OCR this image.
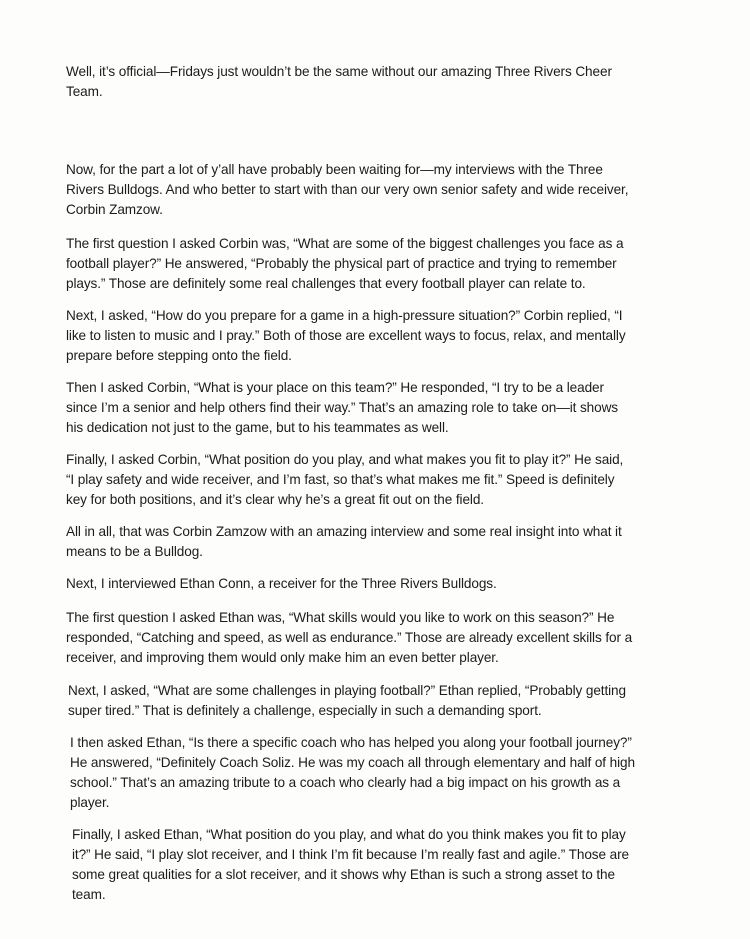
Well, it’s official—Fridays just wouldn’t be the same without our amazing Three Rivers Cheer
Team.

Now, for the part a lot of y’all have probably been waiting for—my interviews with the Three
Rivers Bulldogs. And who better to start with than our very own senior safety and wide receiver,
Corbin Zamzow.

The first question I asked Corbin was, “What are some of the biggest challenges you face as a
football player?” He answered, “Probably the physical part of practice and trying to remember
plays.” Those are definitely some real challenges that every football player can relate to.

Next, I asked, “How do you prepare for a game in a high-pressure situation?” Corbin replied, “I
like to listen to music and I pray.” Both of those are excellent ways to focus, relax, and mentally
prepare before stepping onto the field.

Then I asked Corbin, “What is your place on this team?” He responded, “I try to be a leader
since I’m a senior and help others find their way.” That’s an amazing role to take on—it shows
his dedication not just to the game, but to his teammates as well.

Finally, I asked Corbin, “What position do you play, and what makes you fit to play it?” He said,
“I play safety and wide receiver, and I’m fast, so that’s what makes me fit.” Speed is definitely
key for both positions, and it’s clear why he’s a great fit out on the field.

All in all, that was Corbin Zamzow with an amazing interview and some real insight into what it
means to be a Bulldog.

Next, I interviewed Ethan Conn, a receiver for the Three Rivers Bulldogs.

The first question I asked Ethan was, “What skills would you like to work on this season?” He
responded, “Catching and speed, as well as endurance.” Those are already excellent skills for a
receiver, and improving them would only make him an even better player.

Next, I asked, “What are some challenges in playing football?” Ethan replied, “Probably getting
super tired.” That is definitely a challenge, especially in such a demanding sport.

I then asked Ethan, “Is there a specific coach who has helped you along your football journey?”
He answered, “Definitely Coach Soliz. He was my coach all through elementary and half of high
school.” That’s an amazing tribute to a coach who clearly had a big impact on his growth as a
player.

Finally, I asked Ethan, “What position do you play, and what do you think makes you fit to play
it?” He said, “I play slot receiver, and I think I’m fit because I’m really fast and agile.” Those are
some great qualities for a slot receiver, and it shows why Ethan is such a strong asset to the
team.
